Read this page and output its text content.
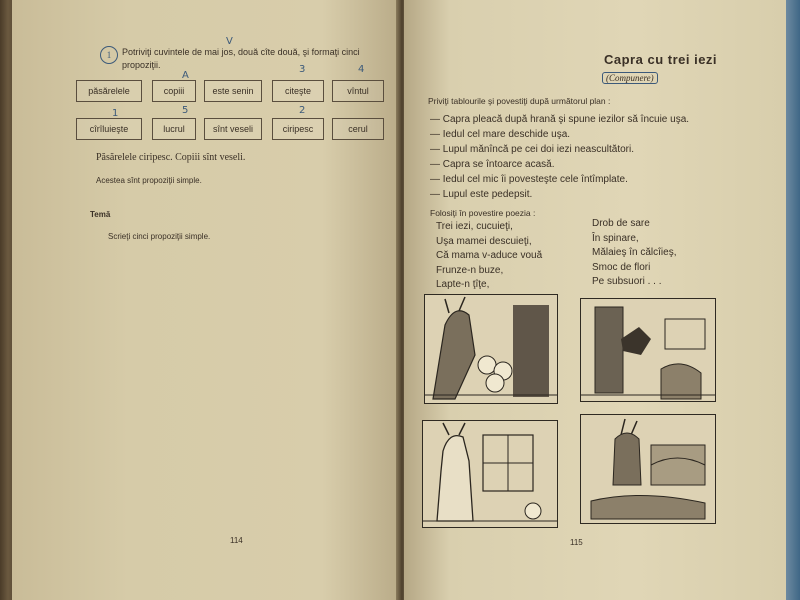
1	Potriviţi cuvintele de mai jos, două cîte două, şi formaţi cinci propoziţii.
A
V
5
3	4
2
1
păsărelele	copiii	este senin	citeşte	vîntul
cîrîluieşte	lucrul	sînt veseli	ciripesc	cerul
Păsărelele ciripesc. Copiii sînt veseli.
Acestea sînt propoziţii simple.
Temă
Scrieţi cinci propoziţii simple.
114
Capra cu trei iezi
(Compunere)
Priviţi tablourile şi povestiţi după următorul plan :
— Capra pleacă după hrană şi spune iezilor să încuie uşa.
— Iedul cel mare deschide uşa.
— Lupul mănîncă pe cei doi iezi neascultători.
— Capra se întoarce acasă.
— Iedul cel mic îi povesteşte cele întîmplate.
— Lupul este pedepsit.
Folosiţi în povestire poezia :
Trei iezi, cucuieţi,
Uşa mamei descuieţi,
Că mama v-aduce vouă
Frunze-n buze,
Lapte-n ţîţe,
Drob de sare
În spinare,
Mălaieş în călcîieş,
Smoc de flori
Pe subsuori . . .
115
